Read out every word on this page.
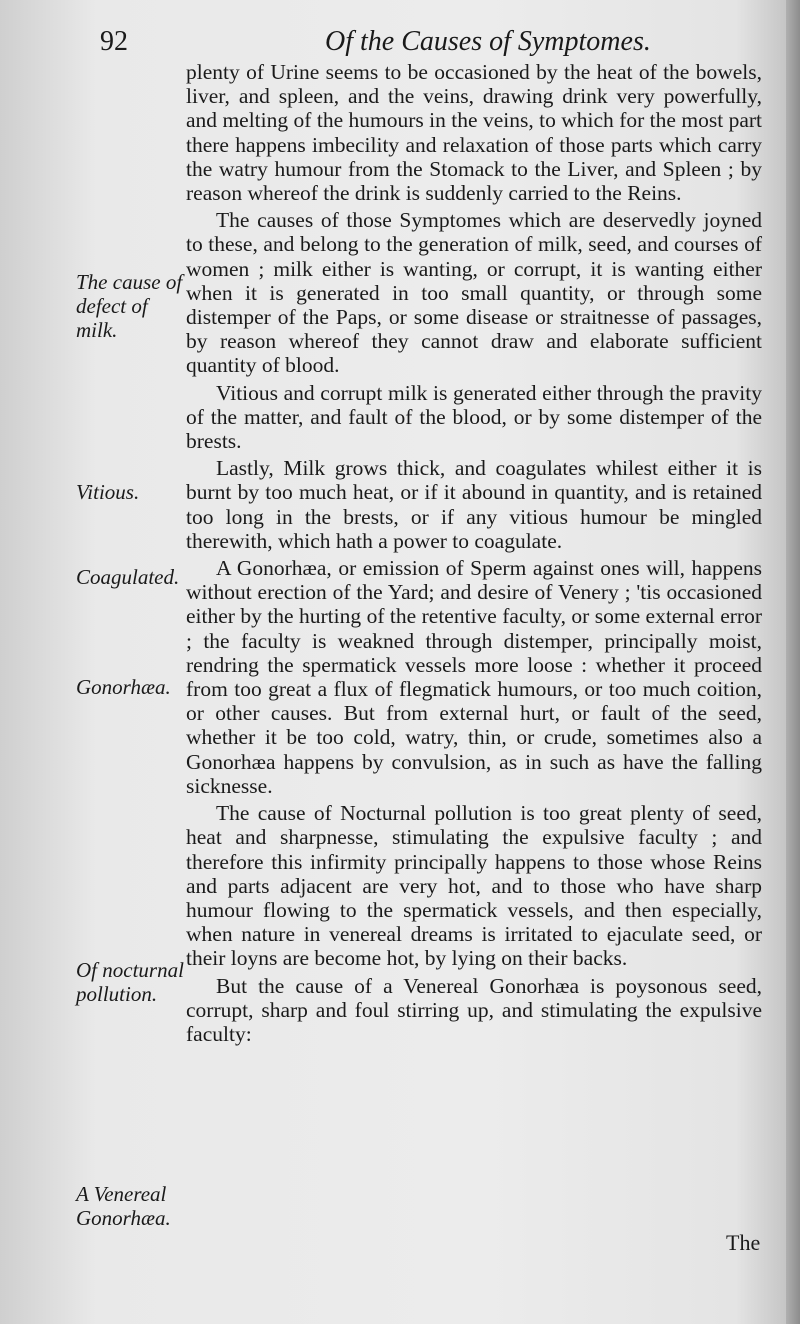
92	Of the Causes of Symptomes.

plenty of Urine seems to be occasioned by the heat of the bowels, liver, and spleen, and the veins, drawing drink very powerfully, and melting of the humours in the veins, to which for the most part there happens imbecility and relaxation of those parts which carry the watry humour from the Stomack to the Liver, and Spleen ; by reason whereof the drink is suddenly carried to the Reins.

The causes of those Symptomes which are deservedly joyned to these, and belong to the generation of milk, seed, and courses of women ; milk either is wanting, or corrupt, it is wanting either when it is generated in too small quantity, or through some distemper of the Paps, or some disease or straitnesse of passages, by reason whereof they cannot draw and elaborate sufficient quantity of blood.

Vitious and corrupt milk is generated either through the pravity of the matter, and fault of the blood, or by some distemper of the brests.

Lastly, Milk grows thick, and coagulates whilest either it is burnt by too much heat, or if it abound in quantity, and is retained too long in the brests, or if any vitious humour be mingled therewith, which hath a power to coagulate.

A Gonorhæa, or emission of Sperm against ones will, happens without erection of the Yard; and desire of Venery ; 'tis occasioned either by the hurting of the retentive faculty, or some external error ; the faculty is weakned through distemper, principally moist, rendring the spermatick vessels more loose : whether it proceed from too great a flux of flegmatick humours, or too much coition, or other causes. But from external hurt, or fault of the seed, whether it be too cold, watry, thin, or crude, sometimes also a Gonorhæa happens by convulsion, as in such as have the falling sicknesse.

The cause of Nocturnal pollution is too great plenty of seed, heat and sharpnesse, stimulating the expulsive faculty ; and therefore this infirmity principally happens to those whose Reins and parts adjacent are very hot, and to those who have sharp humour flowing to the spermatick vessels, and then especially, when nature in venereal dreams is irritated to ejaculate seed, or their loyns are become hot, by lying on their backs.

But the cause of a Venereal Gonorhæa is poysonous seed, corrupt, sharp and foul stirring up, and stimulating the expulsive faculty:

The cause of defect of milk.
Vitious.
Coagulated.
Gonorhæa.
Of nocturnal pollution.
A Venereal Gonorhæa.
The
